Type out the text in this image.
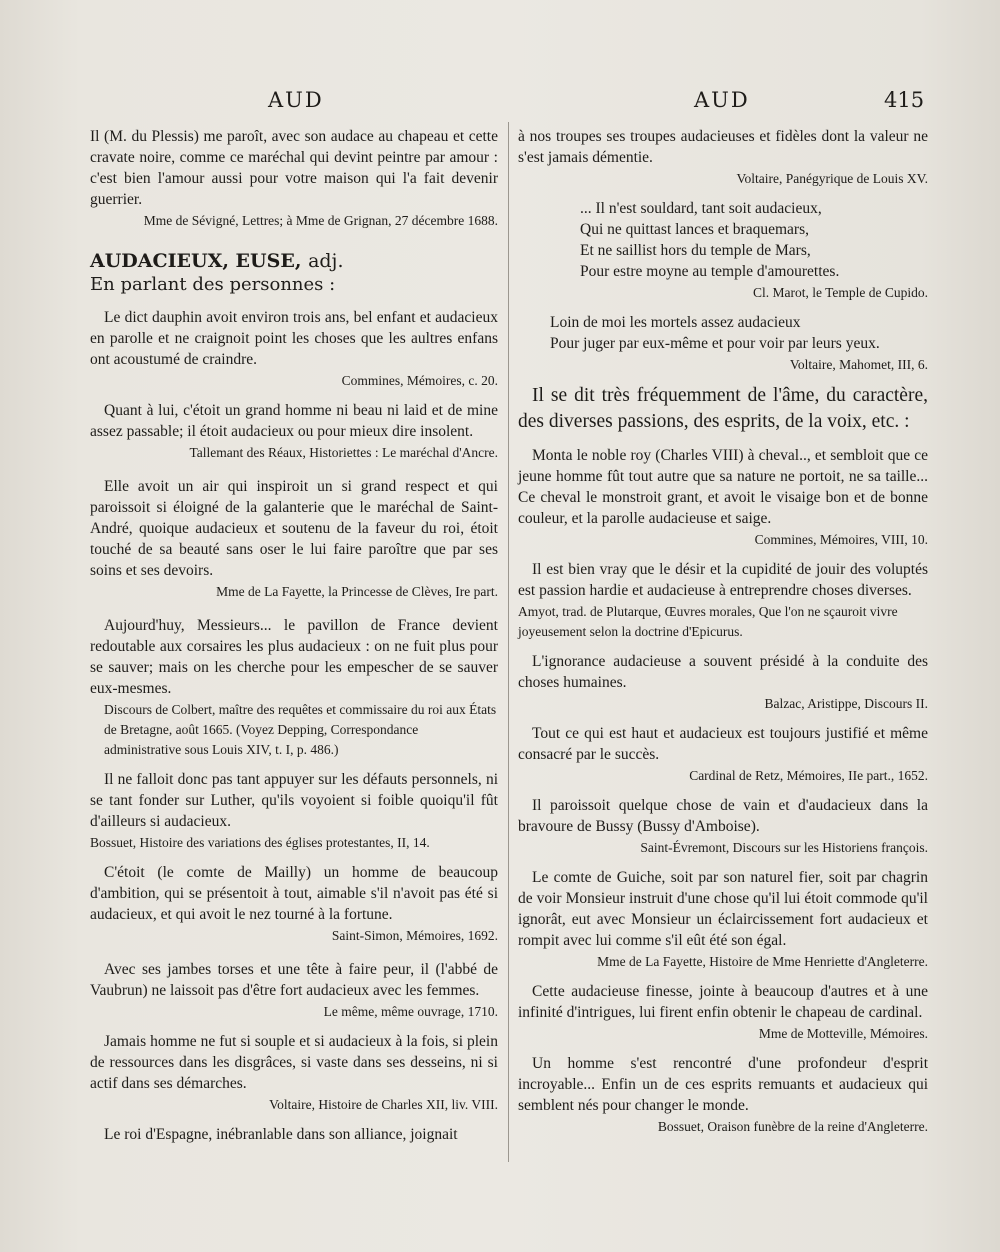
AUD	AUD	415

Il (M. du Plessis) me paroît, avec son audace au chapeau et cette cravate noire, comme ce maréchal qui devint peintre par amour : c'est bien l'amour aussi pour votre maison qui l'a fait devenir guerrier.

Mme de Sévigné, Lettres; à Mme de Grignan, 27 décembre 1688.

AUDACIEUX, EUSE, adj.
En parlant des personnes :

Le dict dauphin avoit environ trois ans, bel enfant et audacieux en parolle et ne craignoit point les choses que les aultres enfans ont acoustumé de craindre.

Commines, Mémoires, c. 20.

Quant à lui, c'étoit un grand homme ni beau ni laid et de mine assez passable; il étoit audacieux ou pour mieux dire insolent.

Tallemant des Réaux, Historiettes : Le maréchal d'Ancre.

Elle avoit un air qui inspiroit un si grand respect et qui paroissoit si éloigné de la galanterie que le maréchal de Saint-André, quoique audacieux et soutenu de la faveur du roi, étoit touché de sa beauté sans oser le lui faire paroître que par ses soins et ses devoirs.

Mme de La Fayette, la Princesse de Clèves, Ire part.

Aujourd'huy, Messieurs... le pavillon de France devient redoutable aux corsaires les plus audacieux : on ne fuit plus pour se sauver; mais on les cherche pour les empescher de se sauver eux-mesmes.

Discours de Colbert, maître des requêtes et commissaire du roi aux États de Bretagne, août 1665. (Voyez Depping, Correspondance administrative sous Louis XIV, t. I, p. 486.)

Il ne falloit donc pas tant appuyer sur les défauts personnels, ni se tant fonder sur Luther, qu'ils voyoient si foible quoiqu'il fût d'ailleurs si audacieux.

Bossuet, Histoire des variations des églises protestantes, II, 14.

C'étoit (le comte de Mailly) un homme de beaucoup d'ambition, qui se présentoit à tout, aimable s'il n'avoit pas été si audacieux, et qui avoit le nez tourné à la fortune.

Saint-Simon, Mémoires, 1692.

Avec ses jambes torses et une tête à faire peur, il (l'abbé de Vaubrun) ne laissoit pas d'être fort audacieux avec les femmes.

Le même, même ouvrage, 1710.

Jamais homme ne fut si souple et si audacieux à la fois, si plein de ressources dans les disgrâces, si vaste dans ses desseins, ni si actif dans ses démarches.

Voltaire, Histoire de Charles XII, liv. VIII.

Le roi d'Espagne, inébranlable dans son alliance, joignait

à nos troupes ses troupes audacieuses et fidèles dont la valeur ne s'est jamais démentie.

Voltaire, Panégyrique de Louis XV.

... Il n'est souldard, tant soit audacieux,
Qui ne quittast lances et braquemars,
Et ne saillist hors du temple de Mars,
Pour estre moyne au temple d'amourettes.

Cl. Marot, le Temple de Cupido.

Loin de moi les mortels assez audacieux
Pour juger par eux-même et pour voir par leurs yeux.

Voltaire, Mahomet, III, 6.

Il se dit très fréquemment de l'âme, du caractère, des diverses passions, des esprits, de la voix, etc. :

Monta le noble roy (Charles VIII) à cheval.., et sembloit que ce jeune homme fût tout autre que sa nature ne portoit, ne sa taille... Ce cheval le monstroit grant, et avoit le visaige bon et de bonne couleur, et la parolle audacieuse et saige.

Commines, Mémoires, VIII, 10.

Il est bien vray que le désir et la cupidité de jouir des voluptés est passion hardie et audacieuse à entreprendre choses diverses.

Amyot, trad. de Plutarque, Œuvres morales, Que l'on ne sçauroit vivre joyeusement selon la doctrine d'Epicurus.

L'ignorance audacieuse a souvent présidé à la conduite des choses humaines.

Balzac, Aristippe, Discours II.

Tout ce qui est haut et audacieux est toujours justifié et même consacré par le succès.

Cardinal de Retz, Mémoires, IIe part., 1652.

Il paroissoit quelque chose de vain et d'audacieux dans la bravoure de Bussy (Bussy d'Amboise).

Saint-Évremont, Discours sur les Historiens françois.

Le comte de Guiche, soit par son naturel fier, soit par chagrin de voir Monsieur instruit d'une chose qu'il lui étoit commode qu'il ignorât, eut avec Monsieur un éclaircissement fort audacieux et rompit avec lui comme s'il eût été son égal.

Mme de La Fayette, Histoire de Mme Henriette d'Angleterre.

Cette audacieuse finesse, jointe à beaucoup d'autres et à une infinité d'intrigues, lui firent enfin obtenir le chapeau de cardinal.

Mme de Motteville, Mémoires.

Un homme s'est rencontré d'une profondeur d'esprit incroyable... Enfin un de ces esprits remuants et audacieux qui semblent nés pour changer le monde.

Bossuet, Oraison funèbre de la reine d'Angleterre.
